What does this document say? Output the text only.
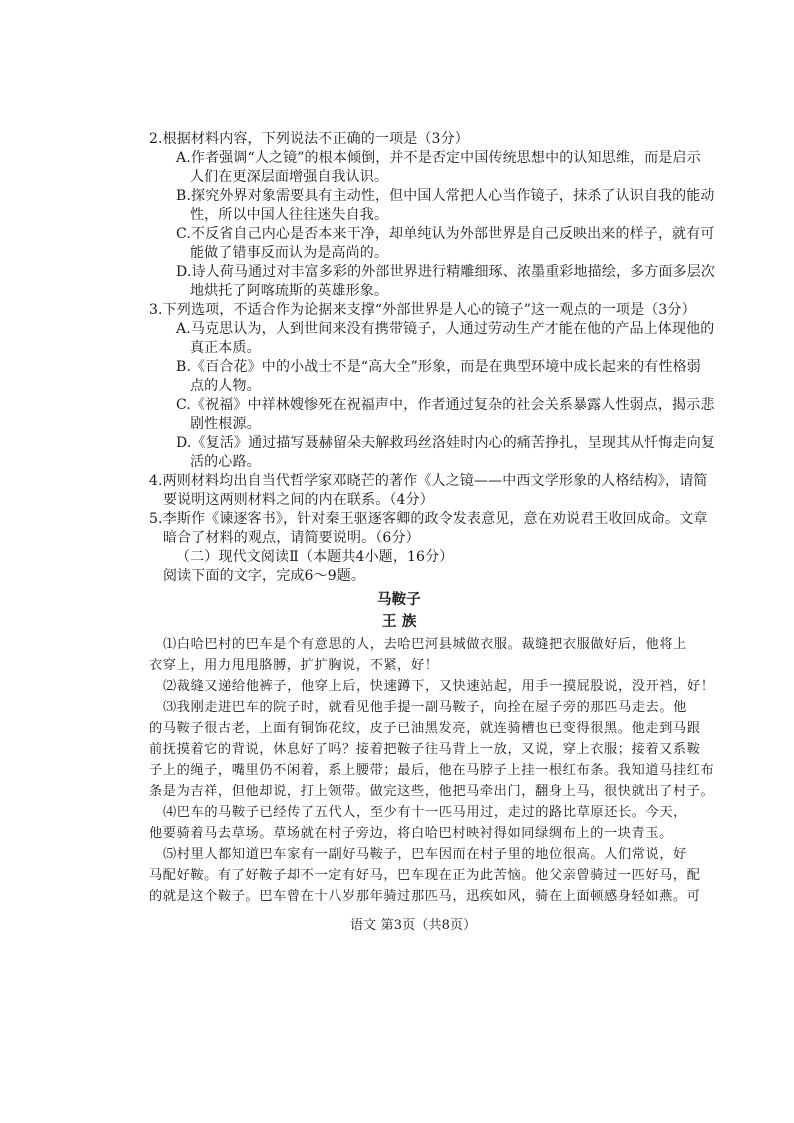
2.根据材料内容，下列说法不正确的一项是（3分）
A.作者强调“人之镜”的根本倾倒，并不是否定中国传统思想中的认知思维，而是启示
人们在更深层面增强自我认识。
B.探究外界对象需要具有主动性，但中国人常把人心当作镜子，抹杀了认识自我的能动
性，所以中国人往往迷失自我。
C.不反省自己内心是否本来干净，却单纯认为外部世界是自己反映出来的样子，就有可
能做了错事反而认为是高尚的。
D.诗人荷马通过对丰富多彩的外部世界进行精雕细琢、浓墨重彩地描绘，多方面多层次
地烘托了阿喀琉斯的英雄形象。
3.下列选项，不适合作为论据来支撑“外部世界是人心的镜子”这一观点的一项是（3分）
A.马克思认为，人到世间来没有携带镜子，人通过劳动生产才能在他的产品上体现他的
真正本质。
B.《百合花》中的小战士不是“高大全”形象，而是在典型环境中成长起来的有性格弱
点的人物。
C.《祝福》中祥林嫂惨死在祝福声中，作者通过复杂的社会关系暴露人性弱点，揭示悲
剧性根源。
D.《复活》通过描写聂赫留朵夫解救玛丝洛娃时内心的痛苦挣扎，呈现其从忏悔走向复
活的心路。
4.两则材料均出自当代哲学家邓晓芒的著作《人之镜——中西文学形象的人格结构》，请简
要说明这两则材料之间的内在联系。（4分）
5.李斯作《谏逐客书》，针对秦王驱逐客卿的政令发表意见，意在劝说君王收回成命。文章
暗合了材料的观点，请简要说明。（6分）
（二）现代文阅读Ⅱ（本题共4小题，16分）
阅读下面的文字，完成6～9题。
马鞍子
王 族
⑴白哈巴村的巴车是个有意思的人，去哈巴河县城做衣服。裁缝把衣服做好后，他将上
衣穿上，用力甩甩胳膊，扩扩胸说，不紧，好！
⑵裁缝又递给他裤子，他穿上后，快速蹲下，又快速站起，用手一摸屁股说，没开裆，好！
⑶我刚走进巴车的院子时，就看见他手提一副马鞍子，向拴在屋子旁的那匹马走去。他
的马鞍子很古老，上面有铜饰花纹，皮子已油黑发亮，就连骑槽也已变得很黑。他走到马跟
前抚摸着它的背说，休息好了吗？接着把鞍子往马背上一放，又说，穿上衣服；接着又系鞍
子上的绳子，嘴里仍不闲着，系上腰带；最后，他在马脖子上挂一根红布条。我知道马挂红布
条是为吉祥，但他却说，打上领带。做完这些，他把马牵出门，翻身上马，很快就出了村子。
⑷巴车的马鞍子已经传了五代人，至少有十一匹马用过，走过的路比草原还长。今天，
他要骑着马去草场。草场就在村子旁边，将白哈巴村映衬得如同绿绸布上的一块青玉。
⑸村里人都知道巴车家有一副好马鞍子，巴车因而在村子里的地位很高。人们常说，好
马配好鞍。有了好鞍子却不一定有好马，巴车现在正为此苦恼。他父亲曾骑过一匹好马，配
的就是这个鞍子。巴车曾在十八岁那年骑过那匹马，迅疾如风，骑在上面顿感身轻如燕。可
语文 第3页（共8页）
